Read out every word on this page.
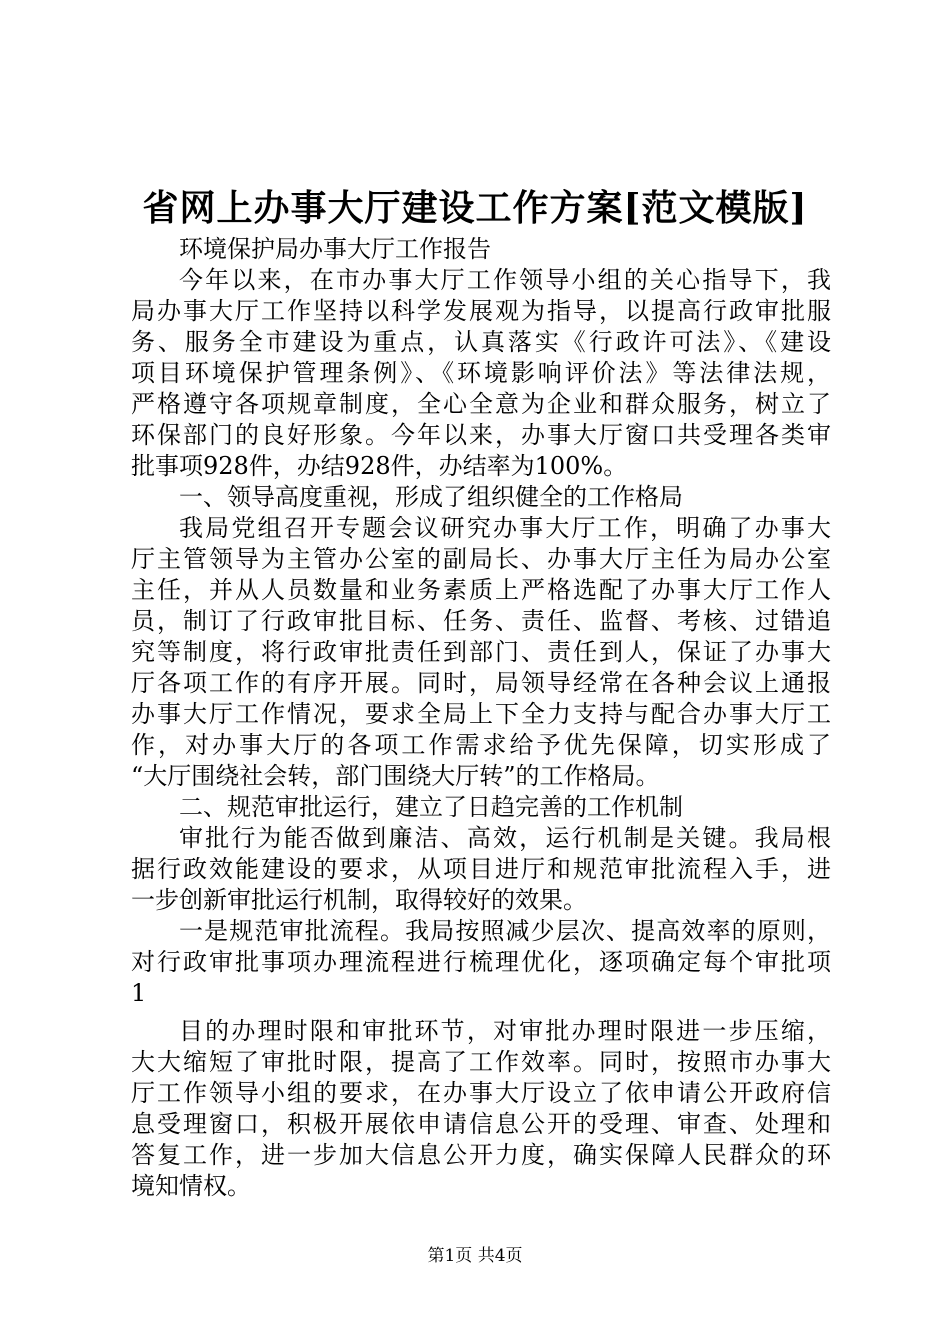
省网上办事大厅建设工作方案[范文模版]
环境保护局办事大厅工作报告
今年以来，在市办事大厅工作领导小组的关心指导下，我
局办事大厅工作坚持以科学发展观为指导，以提高行政审批服
务、服务全市建设为重点，认真落实《行政许可法》、《建设
项目环境保护管理条例》、《环境影响评价法》等法律法规，
严格遵守各项规章制度，全心全意为企业和群众服务，树立了
环保部门的良好形象。今年以来，办事大厅窗口共受理各类审
批事项928件，办结928件，办结率为100%。
一、领导高度重视，形成了组织健全的工作格局
我局党组召开专题会议研究办事大厅工作，明确了办事大
厅主管领导为主管办公室的副局长、办事大厅主任为局办公室
主任，并从人员数量和业务素质上严格选配了办事大厅工作人
员，制订了行政审批目标、任务、责任、监督、考核、过错追
究等制度，将行政审批责任到部门、责任到人，保证了办事大
厅各项工作的有序开展。同时，局领导经常在各种会议上通报
办事大厅工作情况，要求全局上下全力支持与配合办事大厅工
作，对办事大厅的各项工作需求给予优先保障，切实形成了
“大厅围绕社会转，部门围绕大厅转”的工作格局。
二、规范审批运行，建立了日趋完善的工作机制
审批行为能否做到廉洁、高效，运行机制是关键。我局根
据行政效能建设的要求，从项目进厅和规范审批流程入手，进
一步创新审批运行机制，取得较好的效果。
一是规范审批流程。我局按照减少层次、提高效率的原则，
对行政审批事项办理流程进行梳理优化，逐项确定每个审批项
1
目的办理时限和审批环节，对审批办理时限进一步压缩，
大大缩短了审批时限，提高了工作效率。同时，按照市办事大
厅工作领导小组的要求，在办事大厅设立了依申请公开政府信
息受理窗口，积极开展依申请信息公开的受理、审查、处理和
答复工作，进一步加大信息公开力度，确实保障人民群众的环
境知情权。
第1页 共4页
